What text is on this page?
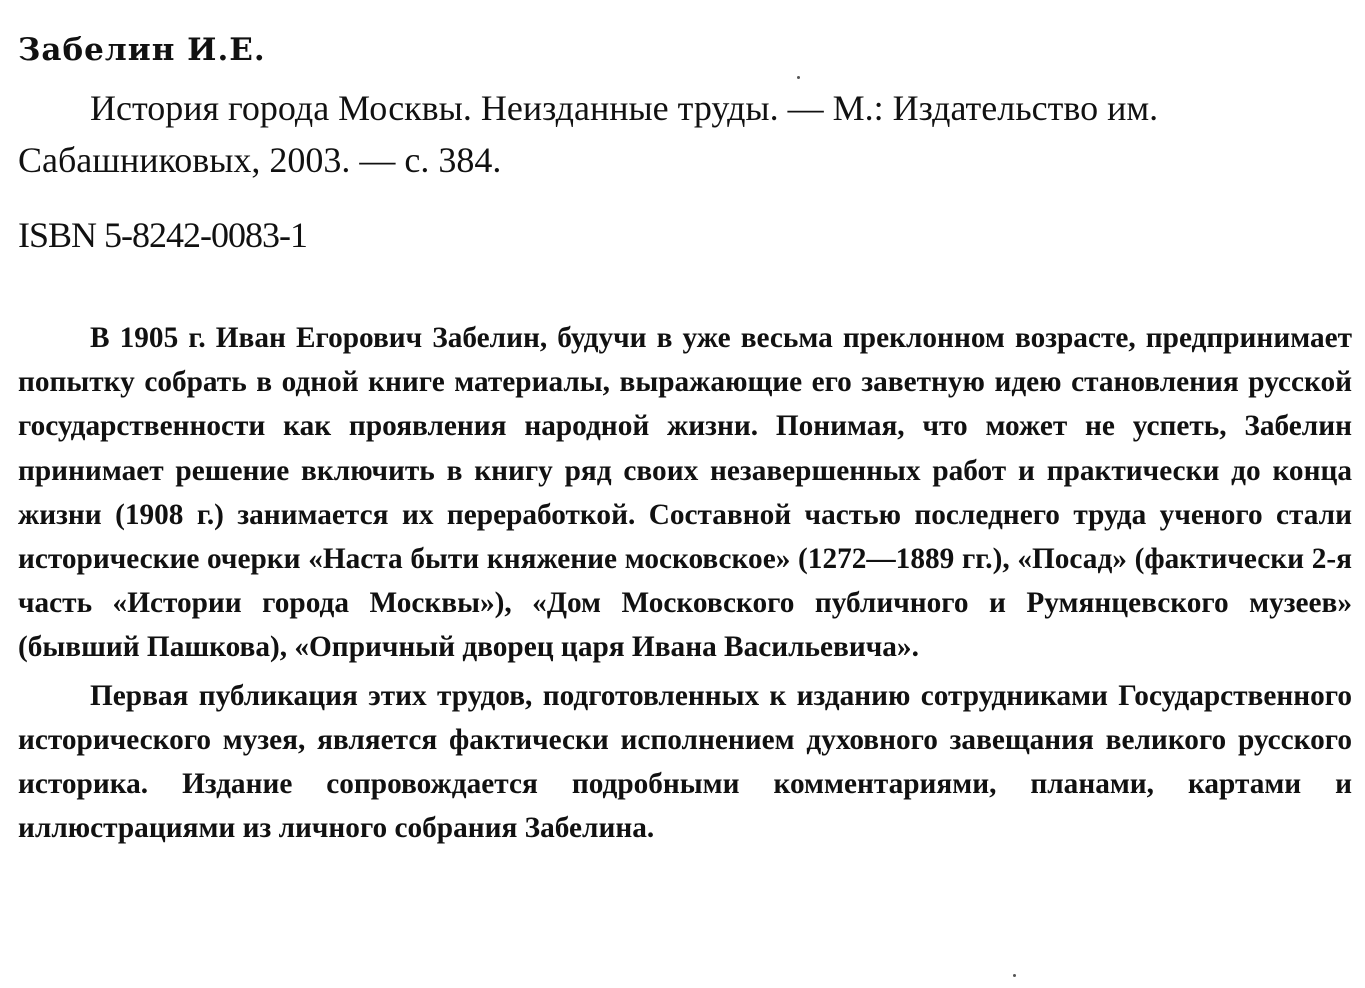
Забелин И.Е.

История города Москвы. Неизданные труды. — М.: Издательство им. Сабашниковых, 2003. — с. 384.

ISBN 5-8242-0083-1

В 1905 г. Иван Егорович Забелин, будучи в уже весьма преклонном возрасте, предпринимает попытку собрать в одной книге материалы, выражающие его заветную идею становления русской государственности как проявления народной жизни. Понимая, что может не успеть, Забелин принимает решение включить в книгу ряд своих незавершенных работ и практически до конца жизни (1908 г.) занимается их переработкой. Составной частью последнего труда ученого стали исторические очерки «Наста быти княжение московское» (1272—1889 гг.), «Посад» (фактически 2-я часть «Истории города Москвы»), «Дом Московского публичного и Румянцевского музеев» (бывший Пашкова), «Опричный дворец царя Ивана Васильевича».

Первая публикация этих трудов, подготовленных к изданию сотрудниками Государственного исторического музея, является фактически исполнением духовного завещания великого русского историка. Издание сопровождается подробными комментариями, планами, картами и иллюстрациями из личного собрания Забелина.
